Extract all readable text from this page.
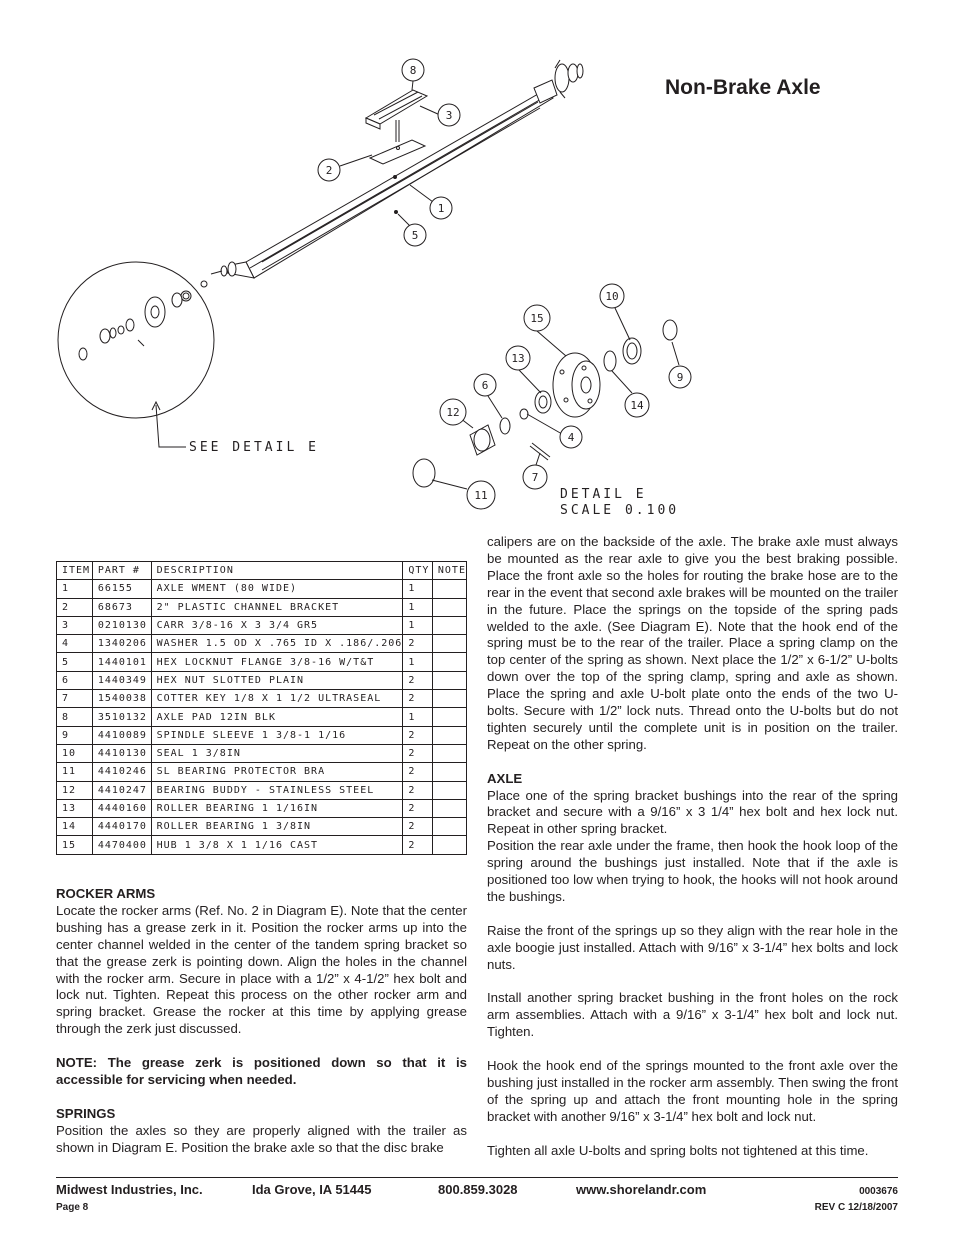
Non-Brake Axle
8
3
2
1
5
15
10
13
9
6
12
14
4
7
11
SEE DETAIL E
DETAIL E
SCALE 0.100
ITEM	PART #	DESCRIPTION	QTY	NOTE
1	66155	AXLE WMENT (80 WIDE)	1	
2	68673	2" PLASTIC CHANNEL BRACKET	1	
3	0210130	CARR 3/8-16 X 3 3/4 GR5	1	
4	1340206	WASHER 1.5 OD X .765 ID X .186/.206	2	
5	1440101	HEX LOCKNUT FLANGE 3/8-16 W/T&T	1	
6	1440349	HEX NUT SLOTTED PLAIN	2	
7	1540038	COTTER KEY 1/8 X 1 1/2 ULTRASEAL	2	
8	3510132	AXLE PAD 12IN BLK	1	
9	4410089	SPINDLE SLEEVE 1 3/8-1 1/16	2	
10	4410130	SEAL 1 3/8IN	2	
11	4410246	SL BEARING PROTECTOR BRA	2	
12	4410247	BEARING BUDDY - STAINLESS STEEL	2	
13	4440160	ROLLER BEARING 1 1/16IN	2	
14	4440170	ROLLER BEARING 1 3/8IN	2	
15	4470400	HUB 1 3/8 X 1 1/16 CAST	2	

ROCKER ARMS

Locate the rocker arms (Ref. No. 2 in Diagram E). Note that the center bushing has a grease zerk in it. Position the rocker arms up into the center channel welded in the center of the tandem spring bracket so that the grease zerk is pointing down. Align the holes in the channel with the rocker arm. Secure in place with a 1/2” x 4-1/2” hex bolt and lock nut. Tighten. Repeat this process on the other rocker arm and spring bracket. Grease the rocker at this time by applying grease through the zerk just discussed.

NOTE: The grease zerk is positioned down so that it is accessible for servicing when needed.

SPRINGS

Position the axles so they are properly aligned with the trailer as shown in Diagram E. Position the brake axle so that the disc brake

calipers are on the backside of the axle. The brake axle must always be mounted as the rear axle to give you the best braking possible. Place the front axle so the holes for routing the brake hose are to the rear in the event that second axle brakes will be mounted on the trailer in the future. Place the springs on the topside of the spring pads welded to the axle. (See Diagram E). Note that the hook end of the spring must be to the rear of the trailer. Place a spring clamp on the top center of the spring as shown. Next place the 1/2” x 6-1/2” U-bolts down over the top of the spring clamp, spring and axle as shown. Place the spring and axle U-bolt plate onto the ends of the two U-bolts. Secure with 1/2” lock nuts. Thread onto the U-bolts but do not tighten securely until the complete unit is in position on the trailer. Repeat on the other spring.

AXLE

Place one of the spring bracket bushings into the rear of the spring bracket and secure with a 9/16” x 3 1/4” hex bolt and hex lock nut. Repeat in other spring bracket.

Position the rear axle under the frame, then hook the hook loop of the spring around the bushings just installed. Note that if the axle is positioned too low when trying to hook, the hooks will not hook around the bushings.

Raise the front of the springs up so they align with the rear hole in the axle boogie just installed. Attach with 9/16” x 3-1/4” hex bolts and lock nuts.

Install another spring bracket bushing in the front holes on the rock arm assemblies. Attach with a 9/16” x 3-1/4” hex bolt and lock nut. Tighten.

Hook the hook end of the springs mounted to the front axle over the bushing just installed in the rocker arm assembly. Then swing the front of the spring up and attach the front mounting hole in the spring bracket with another 9/16” x 3-1/4” hex bolt and lock nut.

Tighten all axle U-bolts and spring bolts not tightened at this time.

Midwest Industries, Inc.	Ida Grove, IA 51445	800.859.3028	www.shorelandr.com	0003676
Page 8	REV C 12/18/2007
